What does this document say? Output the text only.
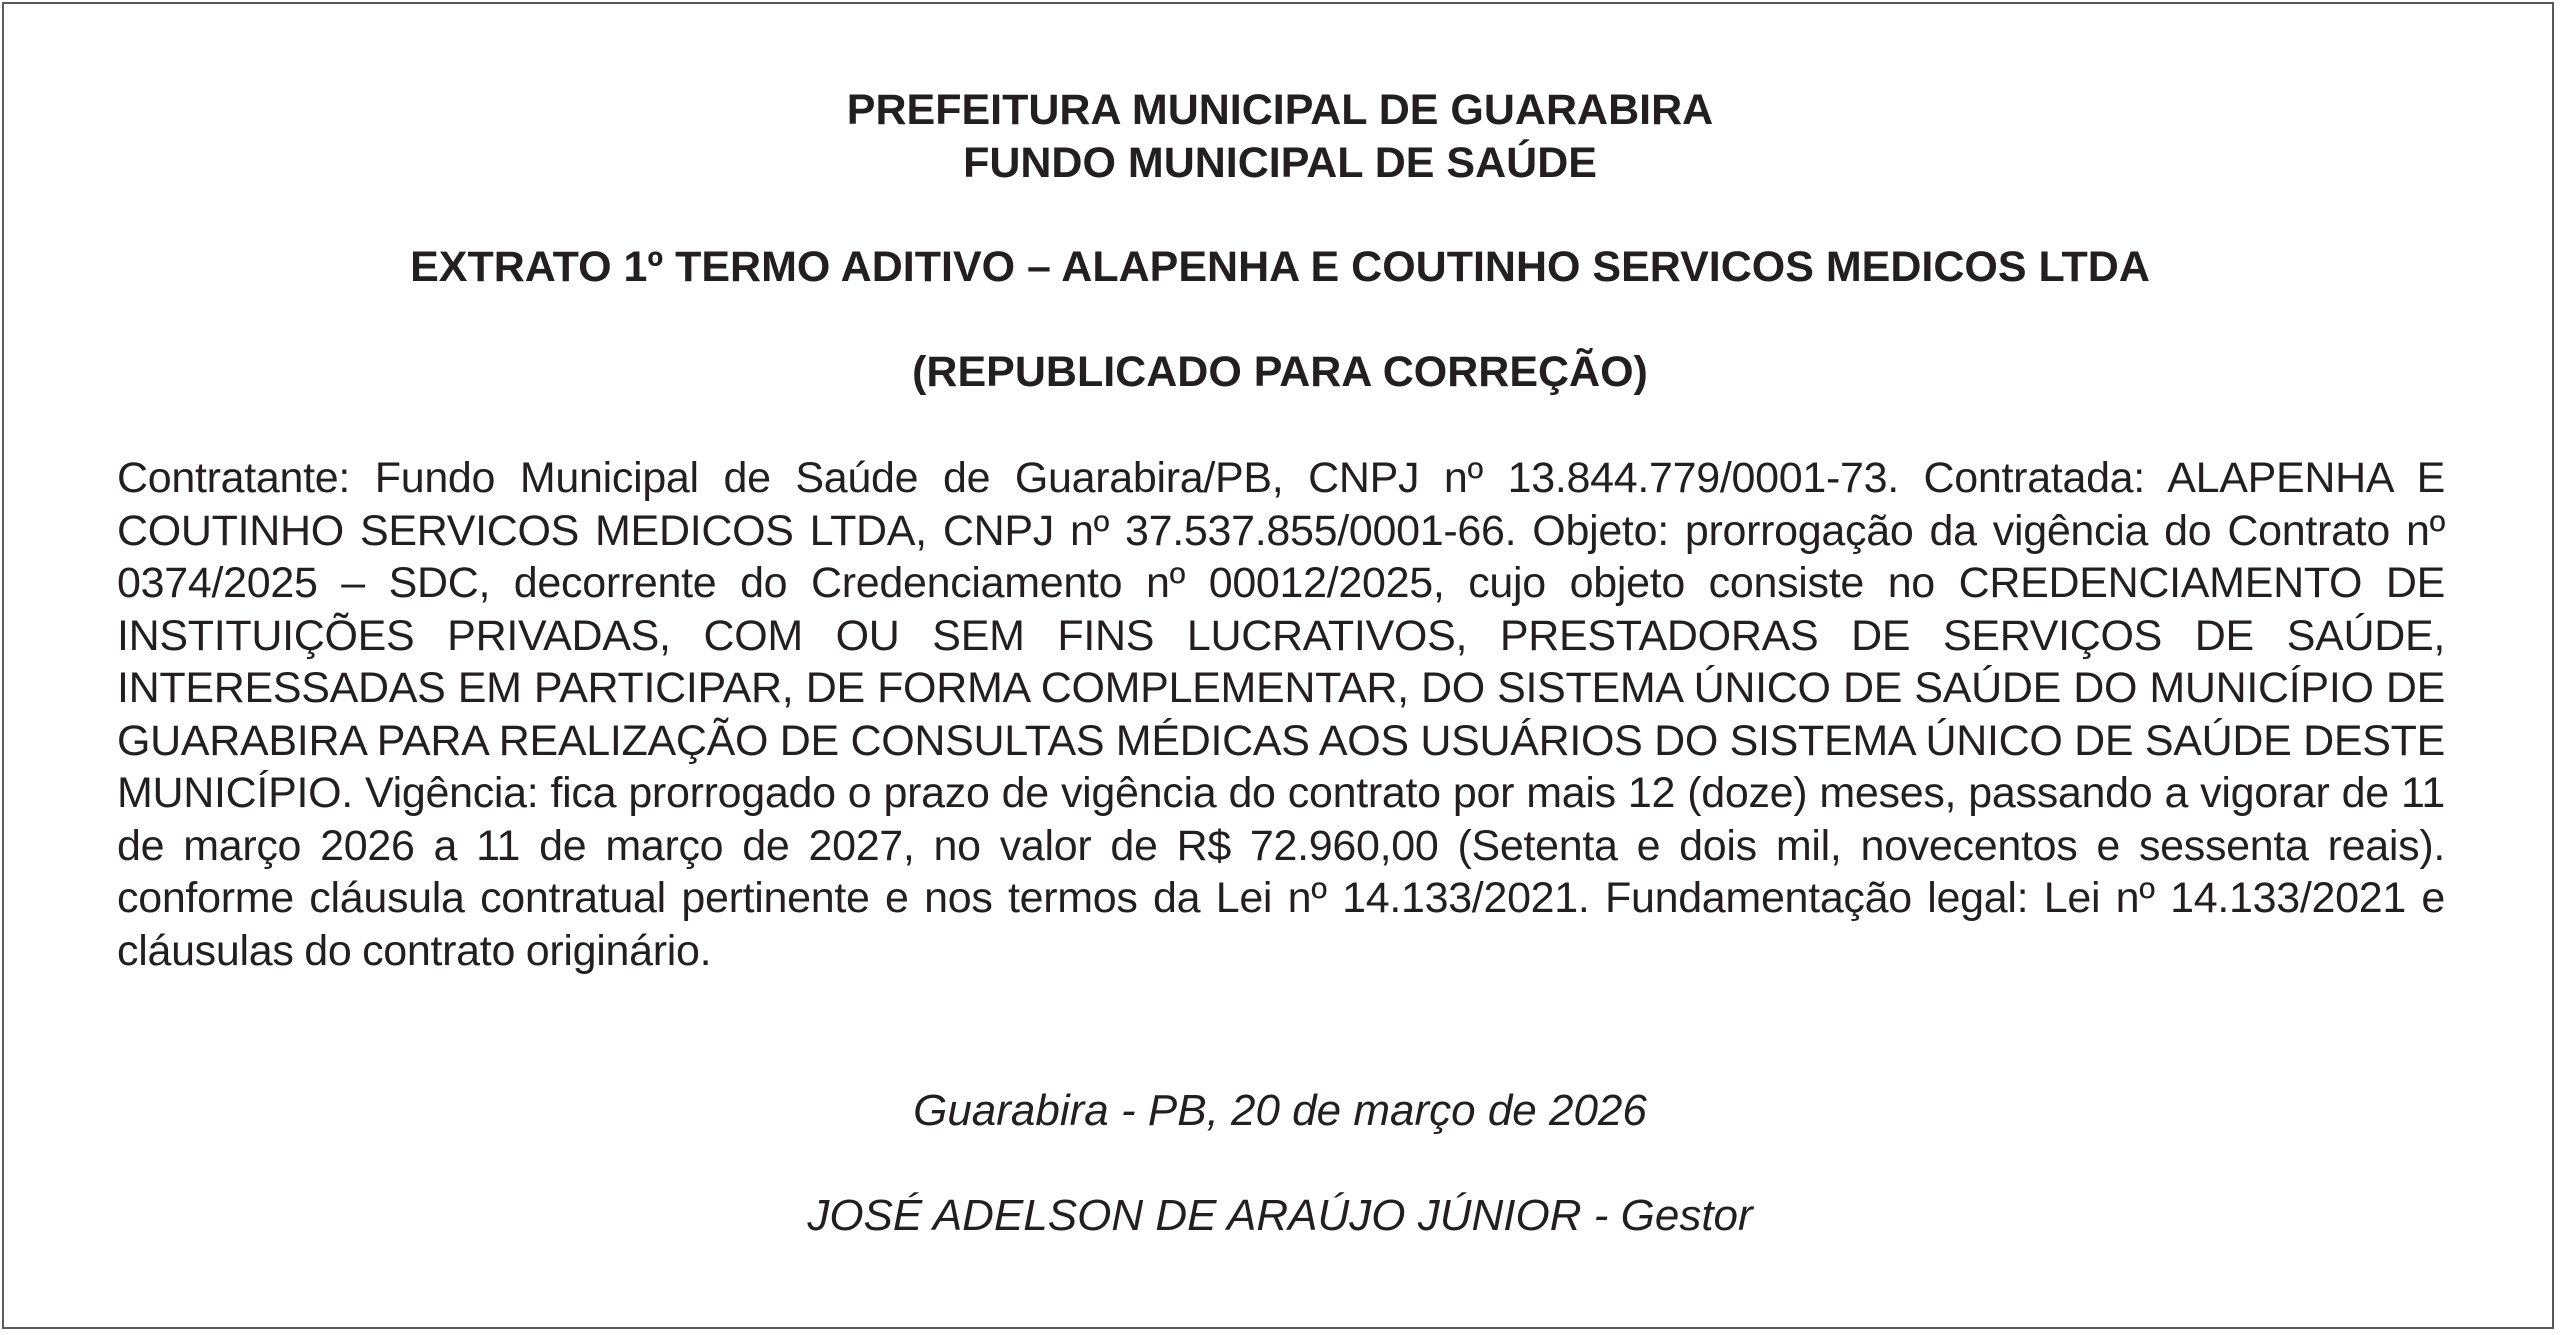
PREFEITURA MUNICIPAL DE GUARABIRA
FUNDO MUNICIPAL DE SAÚDE
EXTRATO 1º TERMO ADITIVO – ALAPENHA E COUTINHO SERVICOS MEDICOS LTDA
(REPUBLICADO PARA CORREÇÃO)
Contratante: Fundo Municipal de Saúde de Guarabira/PB, CNPJ nº 13.844.779/0001-73. Contratada: ALAPENHA E COUTINHO SERVICOS MEDICOS LTDA, CNPJ nº 37.537.855/0001-66. Objeto: prorrogação da vigência do Contrato nº 0374/2025 – SDC, decorrente do Credenciamento nº 00012/2025, cujo objeto consiste no CREDENCIAMENTO DE INSTITUIÇÕES PRIVADAS, COM OU SEM FINS LUCRATIVOS, PRESTADORAS DE SERVIÇOS DE SAÚDE, INTERESSADAS EM PARTICIPAR, DE FORMA COMPLEMENTAR, DO SISTEMA ÚNICO DE SAÚDE DO MUNICÍPIO DE GUARABIRA PARA REALIZAÇÃO DE CONSULTAS MÉDICAS AOS USUÁRIOS DO SISTEMA ÚNICO DE SAÚDE DESTE MUNICÍPIO. Vigência: fica prorrogado o prazo de vigência do contrato por mais 12 (doze) meses, passando a vigorar de 11 de março 2026 a 11 de março de 2027, no valor de R$ 72.960,00 (Setenta e dois mil, novecentos e sessenta reais). conforme cláusula contratual pertinente e nos termos da Lei nº 14.133/2021. Fundamentação legal: Lei nº 14.133/2021 e cláusulas do contrato originário.
Guarabira - PB, 20 de março de 2026
JOSÉ ADELSON DE ARAÚJO JÚNIOR - Gestor
